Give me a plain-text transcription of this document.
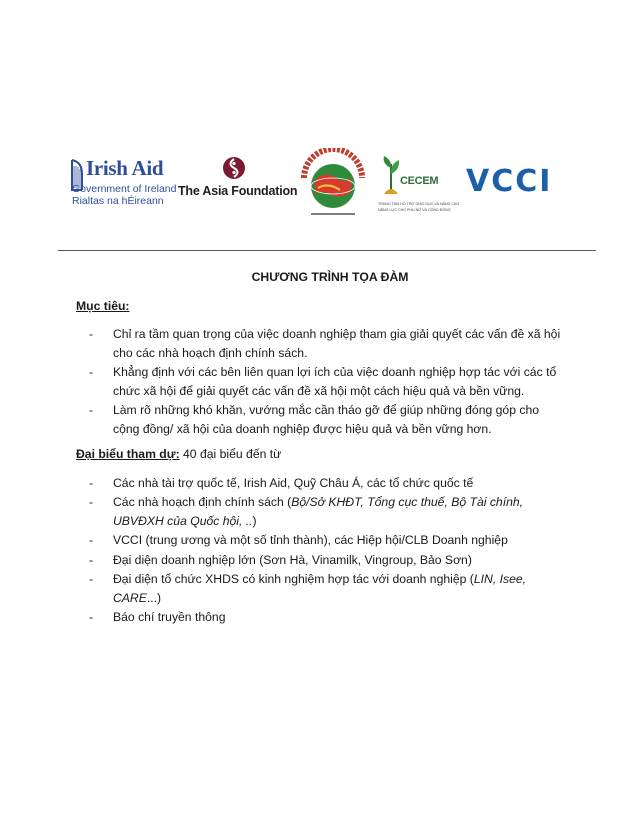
Irish Aid
Government of Ireland
Rialtas na hÉireann
The Asia Foundation
CECEM
TRUNG TÂM HỖ TRỢ GIÁO DỤC VÀ NÂNG CAO
NĂNG LỰC CHO PHỤ NỮ VÀ CỘNG ĐỒNG
VCCI

CHƯƠNG TRÌNH TỌA ĐÀM

Mục tiêu:

- Chỉ ra tầm quan trọng của việc doanh nghiệp tham gia giải quyết các vấn đề xã hội cho các nhà hoạch định chính sách.
- Khẳng định với các bên liên quan lợi ích của việc doanh nghiệp hợp tác với các tổ chức xã hội để giải quyết các vấn đề xã hội một cách hiệu quả và bền vững.
- Làm rõ những khó khăn, vướng mắc cần tháo gỡ để giúp những đóng góp cho cộng đồng/ xã hội của doanh nghiệp được hiệu quả và bền vững hơn.

Đại biểu tham dự: 40 đại biểu đến từ

- Các nhà tài trợ quốc tế, Irish Aid, Quỹ Châu Á, các tổ chức quốc tế
- Các nhà hoạch định chính sách (Bộ/Sở KHĐT, Tổng cục thuế, Bộ Tài chính, UBVĐXH của Quốc hội, ..)
- VCCI (trung ương và một số tỉnh thành), các Hiệp hội/CLB Doanh nghiệp
- Đại diện doanh nghiệp lớn (Sơn Hà, Vinamilk, Vingroup, Bảo Sơn)
- Đại diện tổ chức XHDS có kinh nghiệm hợp tác với doanh nghiệp (LIN, Isee, CARE...)
- Báo chí truyền thông
